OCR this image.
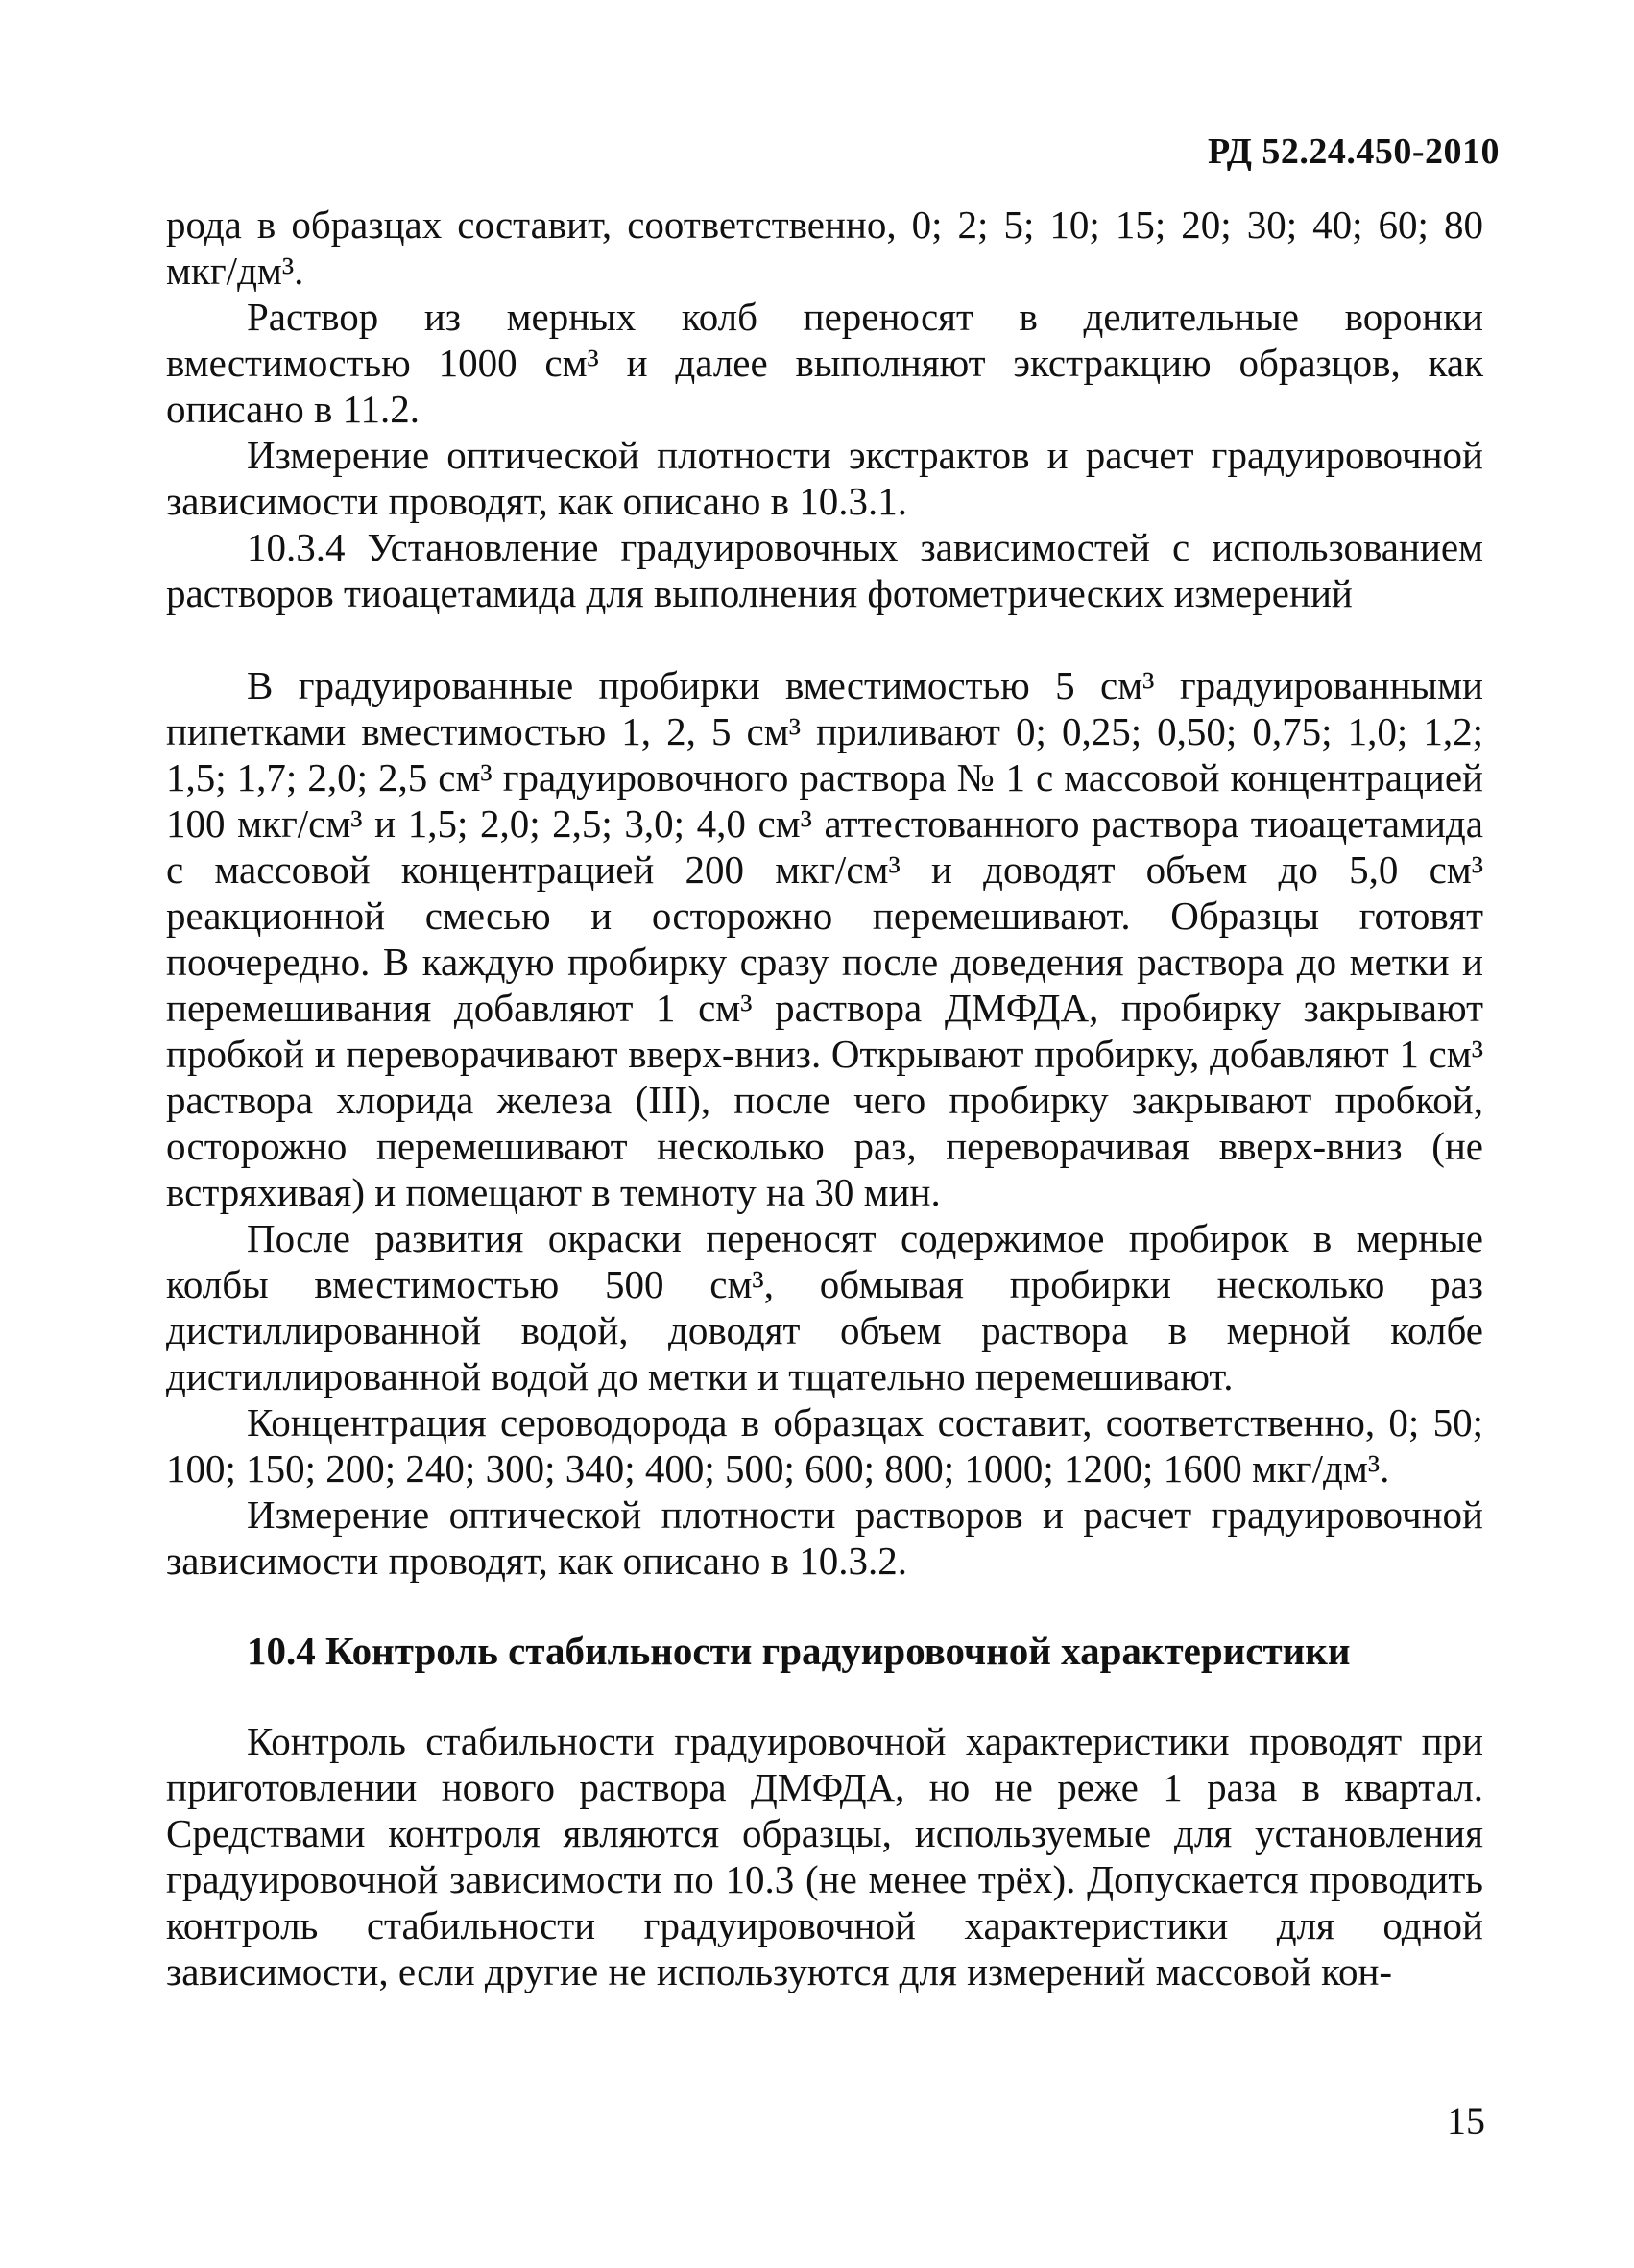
РД 52.24.450-2010

рода в образцах составит, соответственно, 0; 2; 5; 10; 15; 20; 30; 40; 60; 80 мкг/дм³.

Раствор из мерных колб переносят в делительные воронки вместимостью 1000 см³ и далее выполняют экстракцию образцов, как описано в 11.2.

Измерение оптической плотности экстрактов и расчет градуировочной зависимости проводят, как описано в 10.3.1.

10.3.4 Установление градуировочных зависимостей с использованием растворов тиоацетамида для выполнения фотометрических измерений

В градуированные пробирки вместимостью 5 см³ градуированными пипетками вместимостью 1, 2, 5 см³ приливают 0; 0,25; 0,50; 0,75; 1,0; 1,2; 1,5; 1,7; 2,0; 2,5 см³ градуировочного раствора № 1 с массовой концентрацией 100 мкг/см³ и 1,5; 2,0; 2,5; 3,0; 4,0 см³ аттестованного раствора тиоацетамида с массовой концентрацией 200 мкг/см³ и доводят объем до 5,0 см³ реакционной смесью и осторожно перемешивают. Образцы готовят поочередно. В каждую пробирку сразу после доведения раствора до метки и перемешивания добавляют 1 см³ раствора ДМФДА, пробирку закрывают пробкой и переворачивают вверх-вниз. Открывают пробирку, добавляют 1 см³ раствора хлорида железа (III), после чего пробирку закрывают пробкой, осторожно перемешивают несколько раз, переворачивая вверх-вниз (не встряхивая) и помещают в темноту на 30 мин.

После развития окраски переносят содержимое пробирок в мерные колбы вместимостью 500 см³, обмывая пробирки несколько раз дистиллированной водой, доводят объем раствора в мерной колбе дистиллированной водой до метки и тщательно перемешивают.

Концентрация сероводорода в образцах составит, соответственно, 0; 50; 100; 150; 200; 240; 300; 340; 400; 500; 600; 800; 1000; 1200; 1600 мкг/дм³.

Измерение оптической плотности растворов и расчет градуировочной зависимости проводят, как описано в 10.3.2.

10.4 Контроль стабильности градуировочной характеристики

Контроль стабильности градуировочной характеристики проводят при приготовлении нового раствора ДМФДА, но не реже 1 раза в квартал. Средствами контроля являются образцы, используемые для установления градуировочной зависимости по 10.3 (не менее трёх). Допускается проводить контроль стабильности градуировочной характеристики для одной зависимости, если другие не используются для измерений массовой кон-

15
